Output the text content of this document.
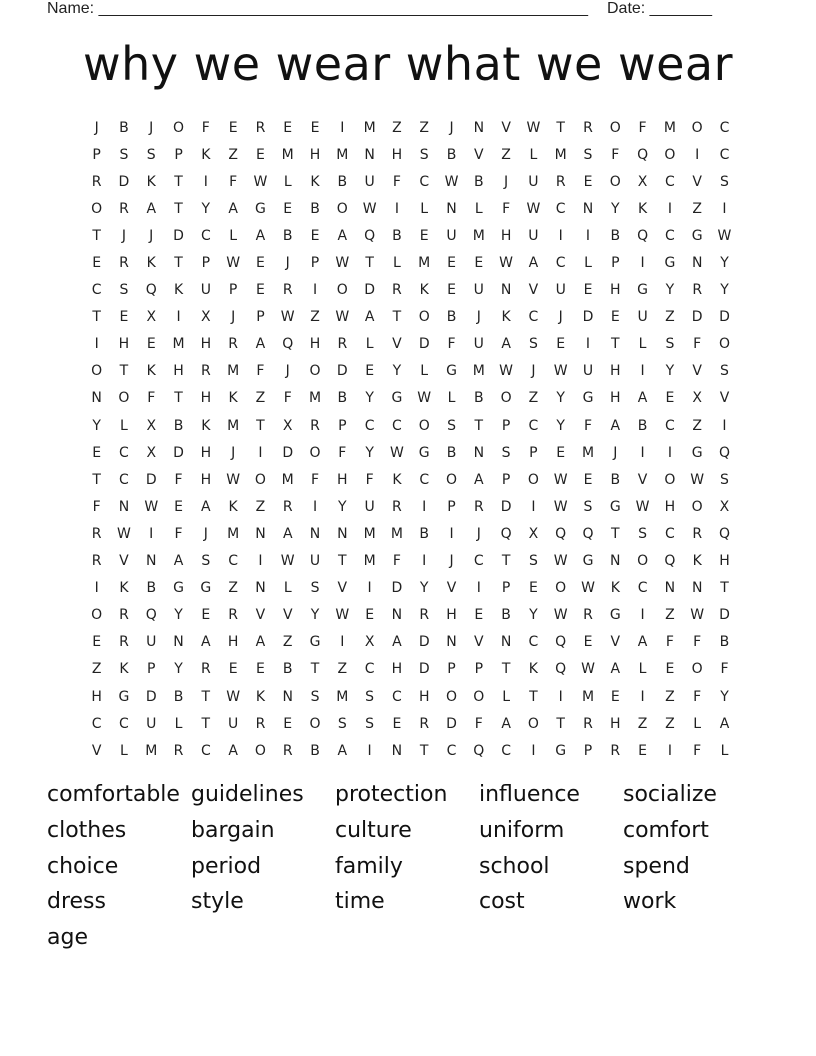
Name: _______________________________________________________ Date: _______
why we wear what we wear
J	B	J	O	F	E	R	E	E	I	M	Z	Z	J	N	V	W	T	R	O	F	M	O	C
P	S	S	P	K	Z	E	M	H	M	N	H	S	B	V	Z	L	M	S	F	Q	O	I	C
R	D	K	T	I	F	W	L	K	B	U	F	C	W	B	J	U	R	E	O	X	C	V	S
O	R	A	T	Y	A	G	E	B	O	W	I	L	N	L	F	W	C	N	Y	K	I	Z	I
T	J	J	D	C	L	A	B	E	A	Q	B	E	U	M	H	U	I	I	B	Q	C	G	W
E	R	K	T	P	W	E	J	P	W	T	L	M	E	E	W	A	C	L	P	I	G	N	Y
C	S	Q	K	U	P	E	R	I	O	D	R	K	E	U	N	V	U	E	H	G	Y	R	Y
T	E	X	I	X	J	P	W	Z	W	A	T	O	B	J	K	C	J	D	E	U	Z	D	D
I	H	E	M	H	R	A	Q	H	R	L	V	D	F	U	A	S	E	I	T	L	S	F	O
O	T	K	H	R	M	F	J	O	D	E	Y	L	G	M	W	J	W	U	H	I	Y	V	S
N	O	F	T	H	K	Z	F	M	B	Y	G	W	L	B	O	Z	Y	G	H	A	E	X	V
Y	L	X	B	K	M	T	X	R	P	C	C	O	S	T	P	C	Y	F	A	B	C	Z	I
E	C	X	D	H	J	I	D	O	F	Y	W	G	B	N	S	P	E	M	J	I	I	G	Q
T	C	D	F	H	W	O	M	F	H	F	K	C	O	A	P	O	W	E	B	V	O	W	S
F	N	W	E	A	K	Z	R	I	Y	U	R	I	P	R	D	I	W	S	G	W	H	O	X
R	W	I	F	J	M	N	A	N	N	M	M	B	I	J	Q	X	Q	Q	T	S	C	R	Q
R	V	N	A	S	C	I	W	U	T	M	F	I	J	C	T	S	W	G	N	O	Q	K	H
I	K	B	G	G	Z	N	L	S	V	I	D	Y	V	I	P	E	O	W	K	C	N	N	T
O	R	Q	Y	E	R	V	V	Y	W	E	N	R	H	E	B	Y	W	R	G	I	Z	W	D
E	R	U	N	A	H	A	Z	G	I	X	A	D	N	V	N	C	Q	E	V	A	F	F	B
Z	K	P	Y	R	E	E	B	T	Z	C	H	D	P	P	T	K	Q	W	A	L	E	O	F
H	G	D	B	T	W	K	N	S	M	S	C	H	O	O	L	T	I	M	E	I	Z	F	Y
C	C	U	L	T	U	R	E	O	S	S	E	R	D	F	A	O	T	R	H	Z	Z	L	A
V	L	M	R	C	A	O	R	B	A	I	N	T	C	Q	C	I	G	P	R	E	I	F	L
comfortable guidelines	protection	influence	socialize
clothes	bargain	culture	uniform	comfort
choice	period	family	school	spend
dress	style	time	cost	work
age
